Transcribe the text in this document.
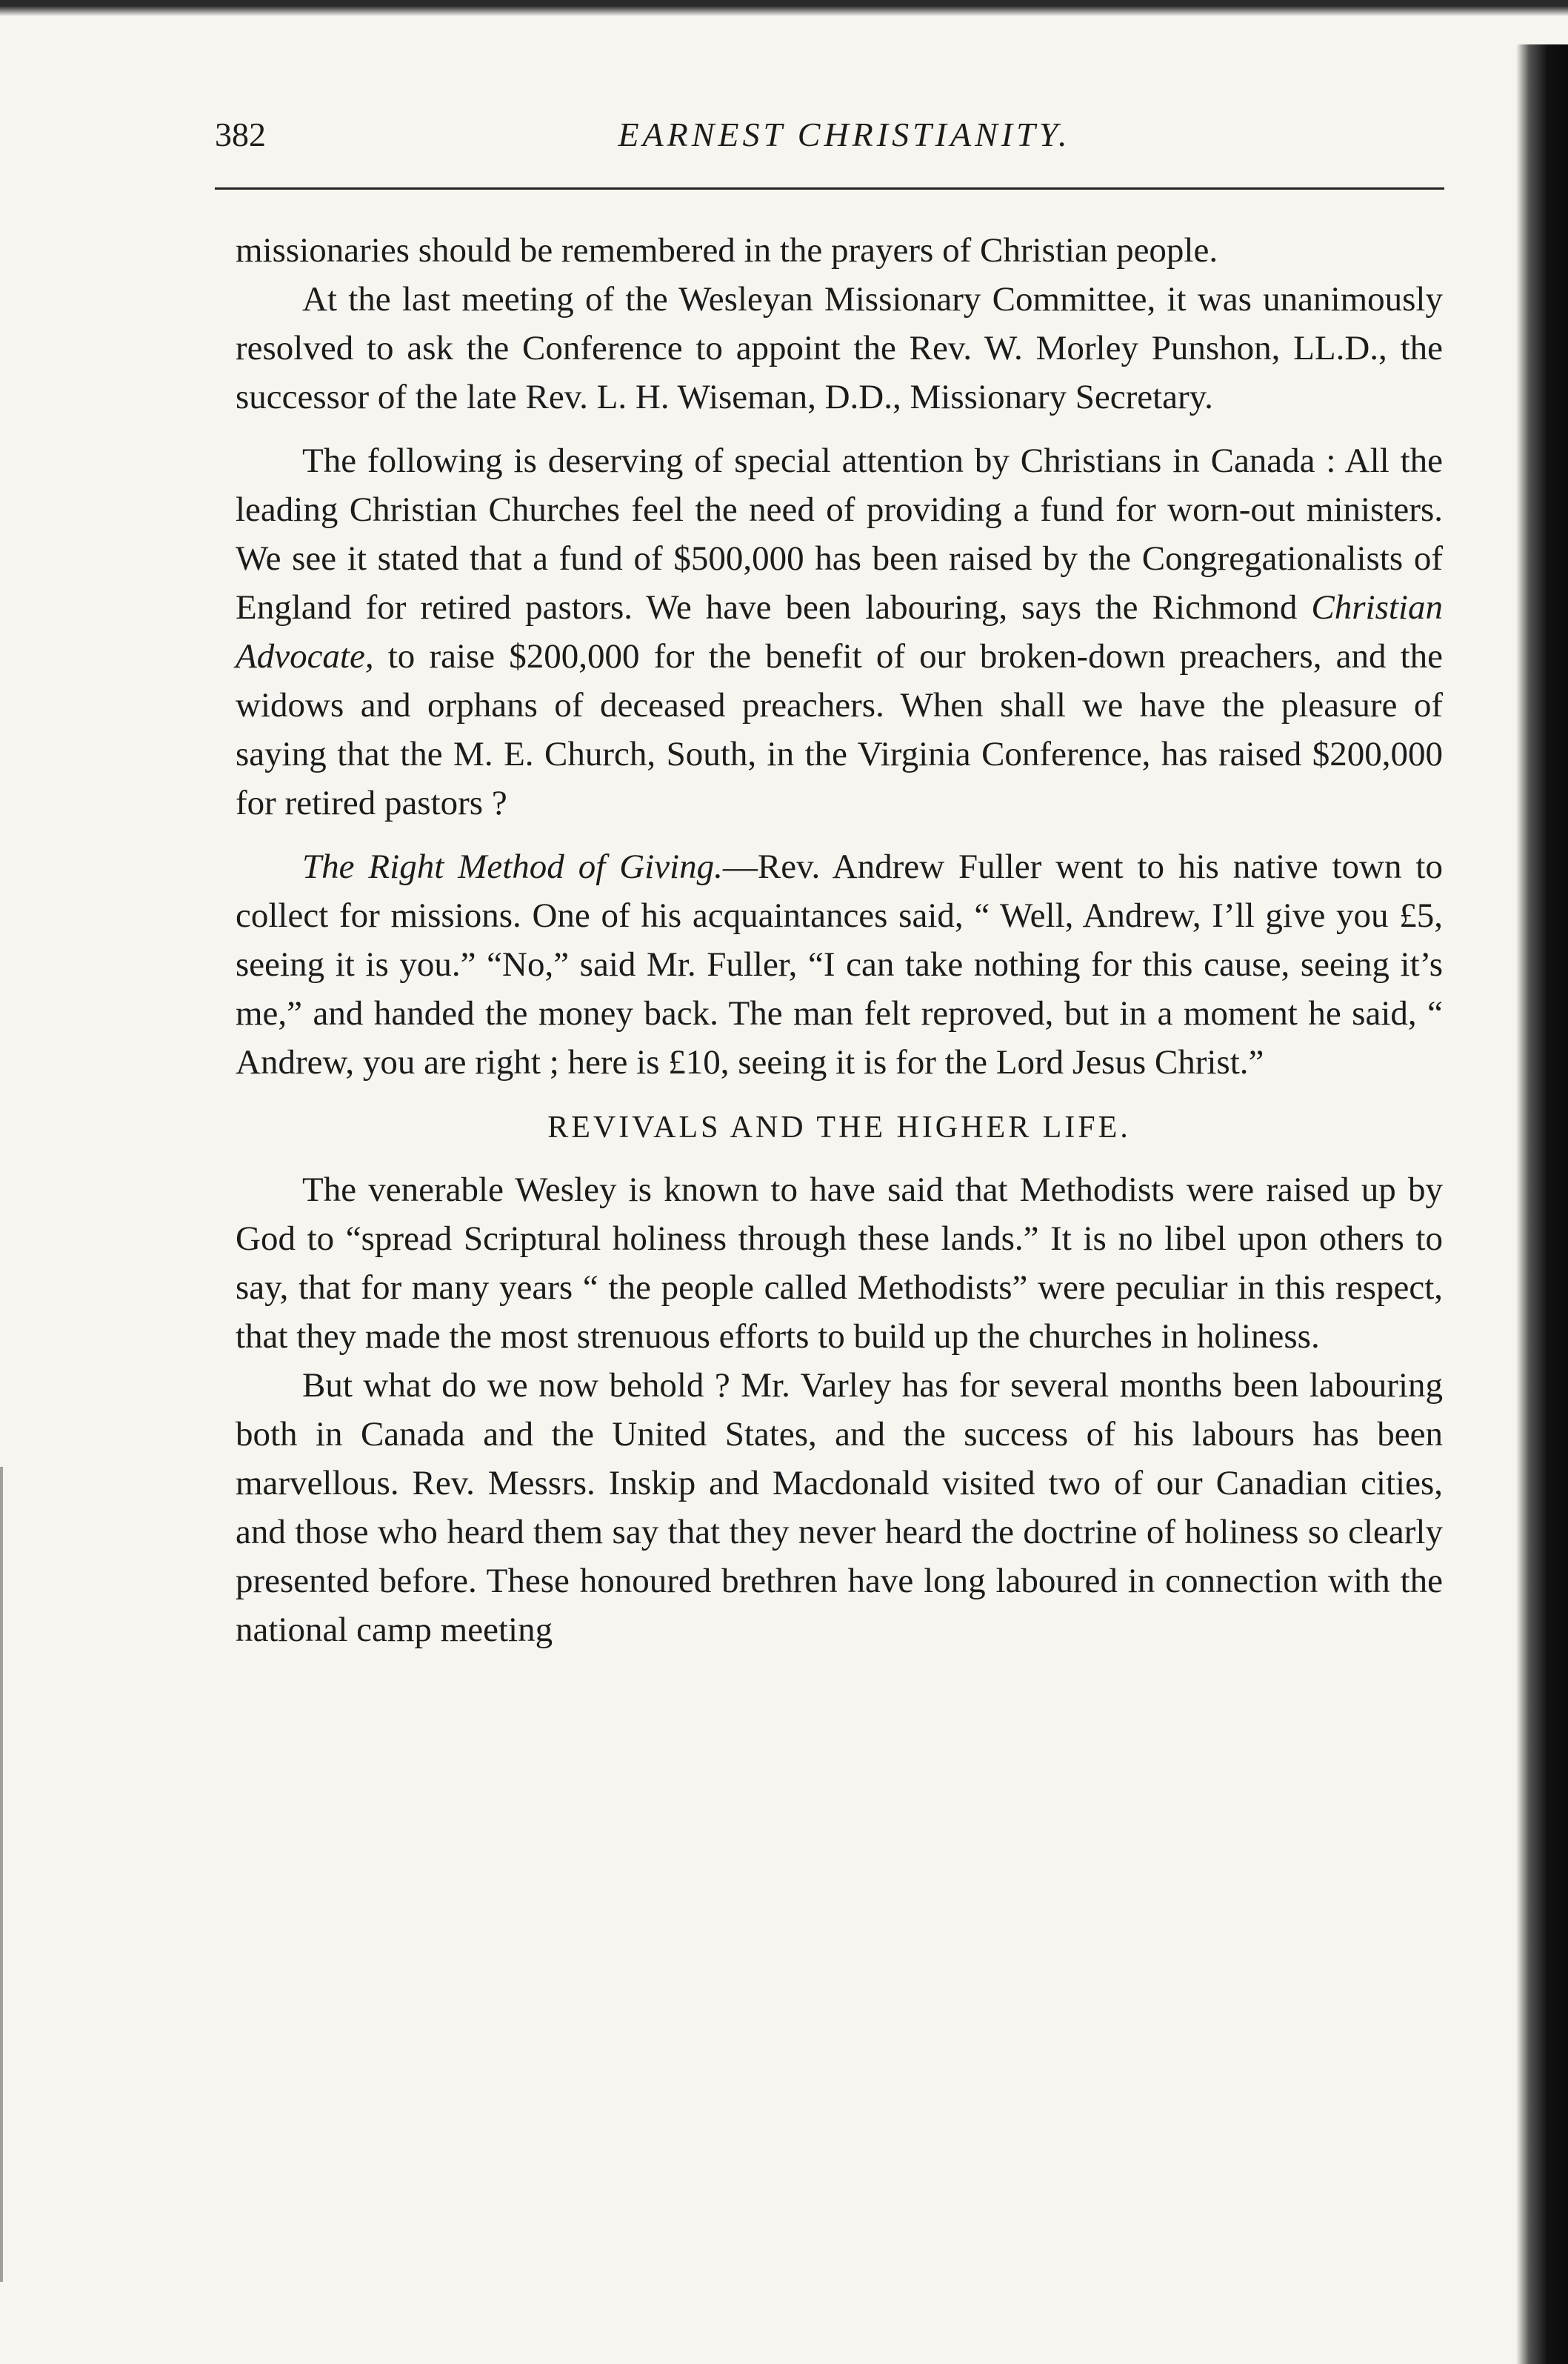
382	EARNEST CHRISTIANITY.

missionaries should be remembered in the prayers of Christian people.

At the last meeting of the Wesleyan Missionary Committee, it was unanimously resolved to ask the Conference to appoint the Rev. W. Morley Punshon, LL.D., the successor of the late Rev. L. H. Wiseman, D.D., Missionary Secretary.

The following is deserving of special attention by Christians in Canada : All the leading Christian Churches feel the need of providing a fund for worn-out ministers. We see it stated that a fund of $500,000 has been raised by the Congregationalists of England for retired pastors. We have been labouring, says the Richmond Christian Advocate, to raise $200,000 for the benefit of our broken-down preachers, and the widows and orphans of deceased preachers. When shall we have the pleasure of saying that the M. E. Church, South, in the Virginia Conference, has raised $200,000 for retired pastors ?

The Right Method of Giving.—Rev. Andrew Fuller went to his native town to collect for missions. One of his acquaintances said, “ Well, Andrew, I’ll give you £5, seeing it is you.” “No,” said Mr. Fuller, “I can take nothing for this cause, seeing it’s me,” and handed the money back. The man felt reproved, but in a moment he said, “ Andrew, you are right ; here is £10, seeing it is for the Lord Jesus Christ.”

REVIVALS AND THE HIGHER LIFE.

The venerable Wesley is known to have said that Methodists were raised up by God to “spread Scriptural holiness through these lands.” It is no libel upon others to say, that for many years “ the people called Methodists” were peculiar in this respect, that they made the most strenuous efforts to build up the churches in holiness.

But what do we now behold ? Mr. Varley has for several months been labouring both in Canada and the United States, and the success of his labours has been marvellous. Rev. Messrs. Inskip and Macdonald visited two of our Canadian cities, and those who heard them say that they never heard the doctrine of holiness so clearly presented before. These honoured brethren have long laboured in connection with the national camp meeting
